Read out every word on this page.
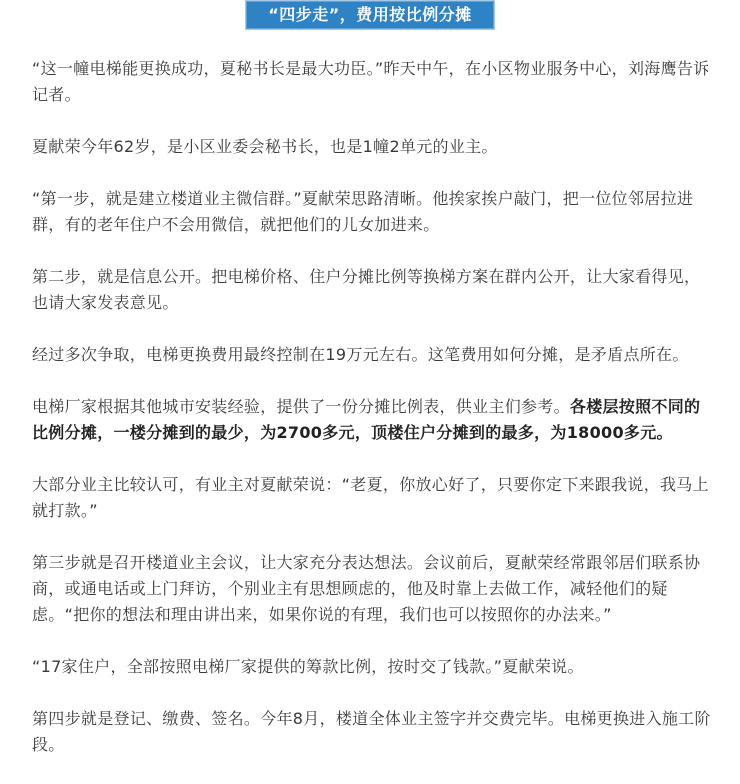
“四步走”，费用按比例分摊

“这一幢电梯能更换成功，夏秘书长是最大功臣。”昨天中午，在小区物业服务中心，刘海鹰告诉记者。

夏献荣今年62岁，是小区业委会秘书长，也是1幢2单元的业主。

“第一步，就是建立楼道业主微信群。”夏献荣思路清晰。他挨家挨户敲门，把一位位邻居拉进群，有的老年住户不会用微信，就把他们的儿女加进来。

第二步，就是信息公开。把电梯价格、住户分摊比例等换梯方案在群内公开，让大家看得见，也请大家发表意见。

经过多次争取，电梯更换费用最终控制在19万元左右。这笔费用如何分摊，是矛盾点所在。

电梯厂家根据其他城市安装经验，提供了一份分摊比例表，供业主们参考。各楼层按照不同的比例分摊，一楼分摊到的最少，为2700多元，顶楼住户分摊到的最多，为18000多元。

大部分业主比较认可，有业主对夏献荣说：“老夏，你放心好了，只要你定下来跟我说，我马上就打款。”

第三步就是召开楼道业主会议，让大家充分表达想法。会议前后，夏献荣经常跟邻居们联系协商，或通电话或上门拜访，个别业主有思想顾虑的，他及时靠上去做工作，减轻他们的疑虑。“把你的想法和理由讲出来，如果你说的有理，我们也可以按照你的办法来。”

“17家住户，全部按照电梯厂家提供的筹款比例，按时交了钱款。”夏献荣说。

第四步就是登记、缴费、签名。今年8月，楼道全体业主签字并交费完毕。电梯更换进入施工阶段。
